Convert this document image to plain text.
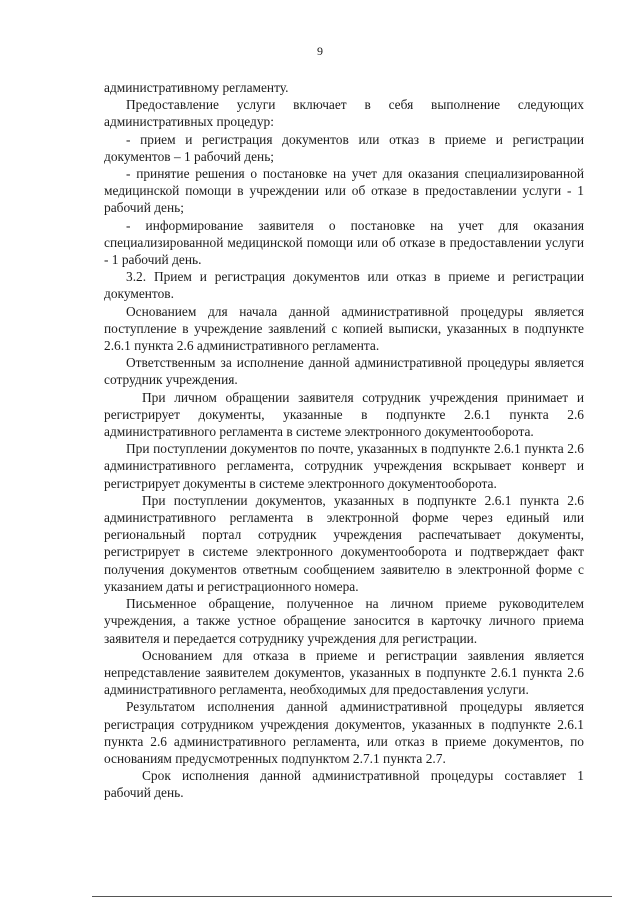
9

административному регламенту.

Предоставление услуги включает в себя выполнение следующих административных процедур:

- прием и регистрация документов или отказ в приеме и регистрации документов – 1 рабочий день;

- принятие решения о постановке на учет для оказания специализированной медицинской помощи в учреждении или об отказе в предоставлении услуги - 1 рабочий день;

- информирование заявителя о постановке на учет для оказания специализированной медицинской помощи или об отказе в предоставлении услуги - 1 рабочий день.

3.2. Прием и регистрация документов или отказ в приеме и регистрации документов.

Основанием для начала данной административной процедуры является поступление в учреждение заявлений с копией выписки, указанных в подпункте 2.6.1 пункта 2.6 административного регламента.

Ответственным за исполнение данной административной процедуры является сотрудник учреждения.

При личном обращении заявителя сотрудник учреждения принимает и регистрирует документы, указанные в подпункте 2.6.1 пункта 2.6 административного регламента в системе электронного документооборота.

При поступлении документов по почте, указанных в подпункте 2.6.1 пункта 2.6 административного регламента, сотрудник учреждения вскрывает конверт и регистрирует документы в системе электронного документооборота.

При поступлении документов, указанных в подпункте 2.6.1 пункта 2.6 административного регламента в электронной форме через единый или региональный портал сотрудник учреждения распечатывает документы, регистрирует в системе электронного документооборота и подтверждает факт получения документов ответным сообщением заявителю в электронной форме с указанием даты и регистрационного номера.

Письменное обращение, полученное на личном приеме руководителем учреждения, а также устное обращение заносится в карточку личного приема заявителя и передается сотруднику учреждения для регистрации.

Основанием для отказа в приеме и регистрации заявления является непредставление заявителем документов, указанных в подпункте 2.6.1 пункта 2.6 административного регламента, необходимых для предоставления услуги.

Результатом исполнения данной административной процедуры является регистрация сотрудником учреждения документов, указанных в подпункте 2.6.1 пункта 2.6 административного регламента, или отказ в приеме документов, по основаниям предусмотренных подпунктом 2.7.1 пункта 2.7.

Срок исполнения данной административной процедуры составляет 1 рабочий день.
